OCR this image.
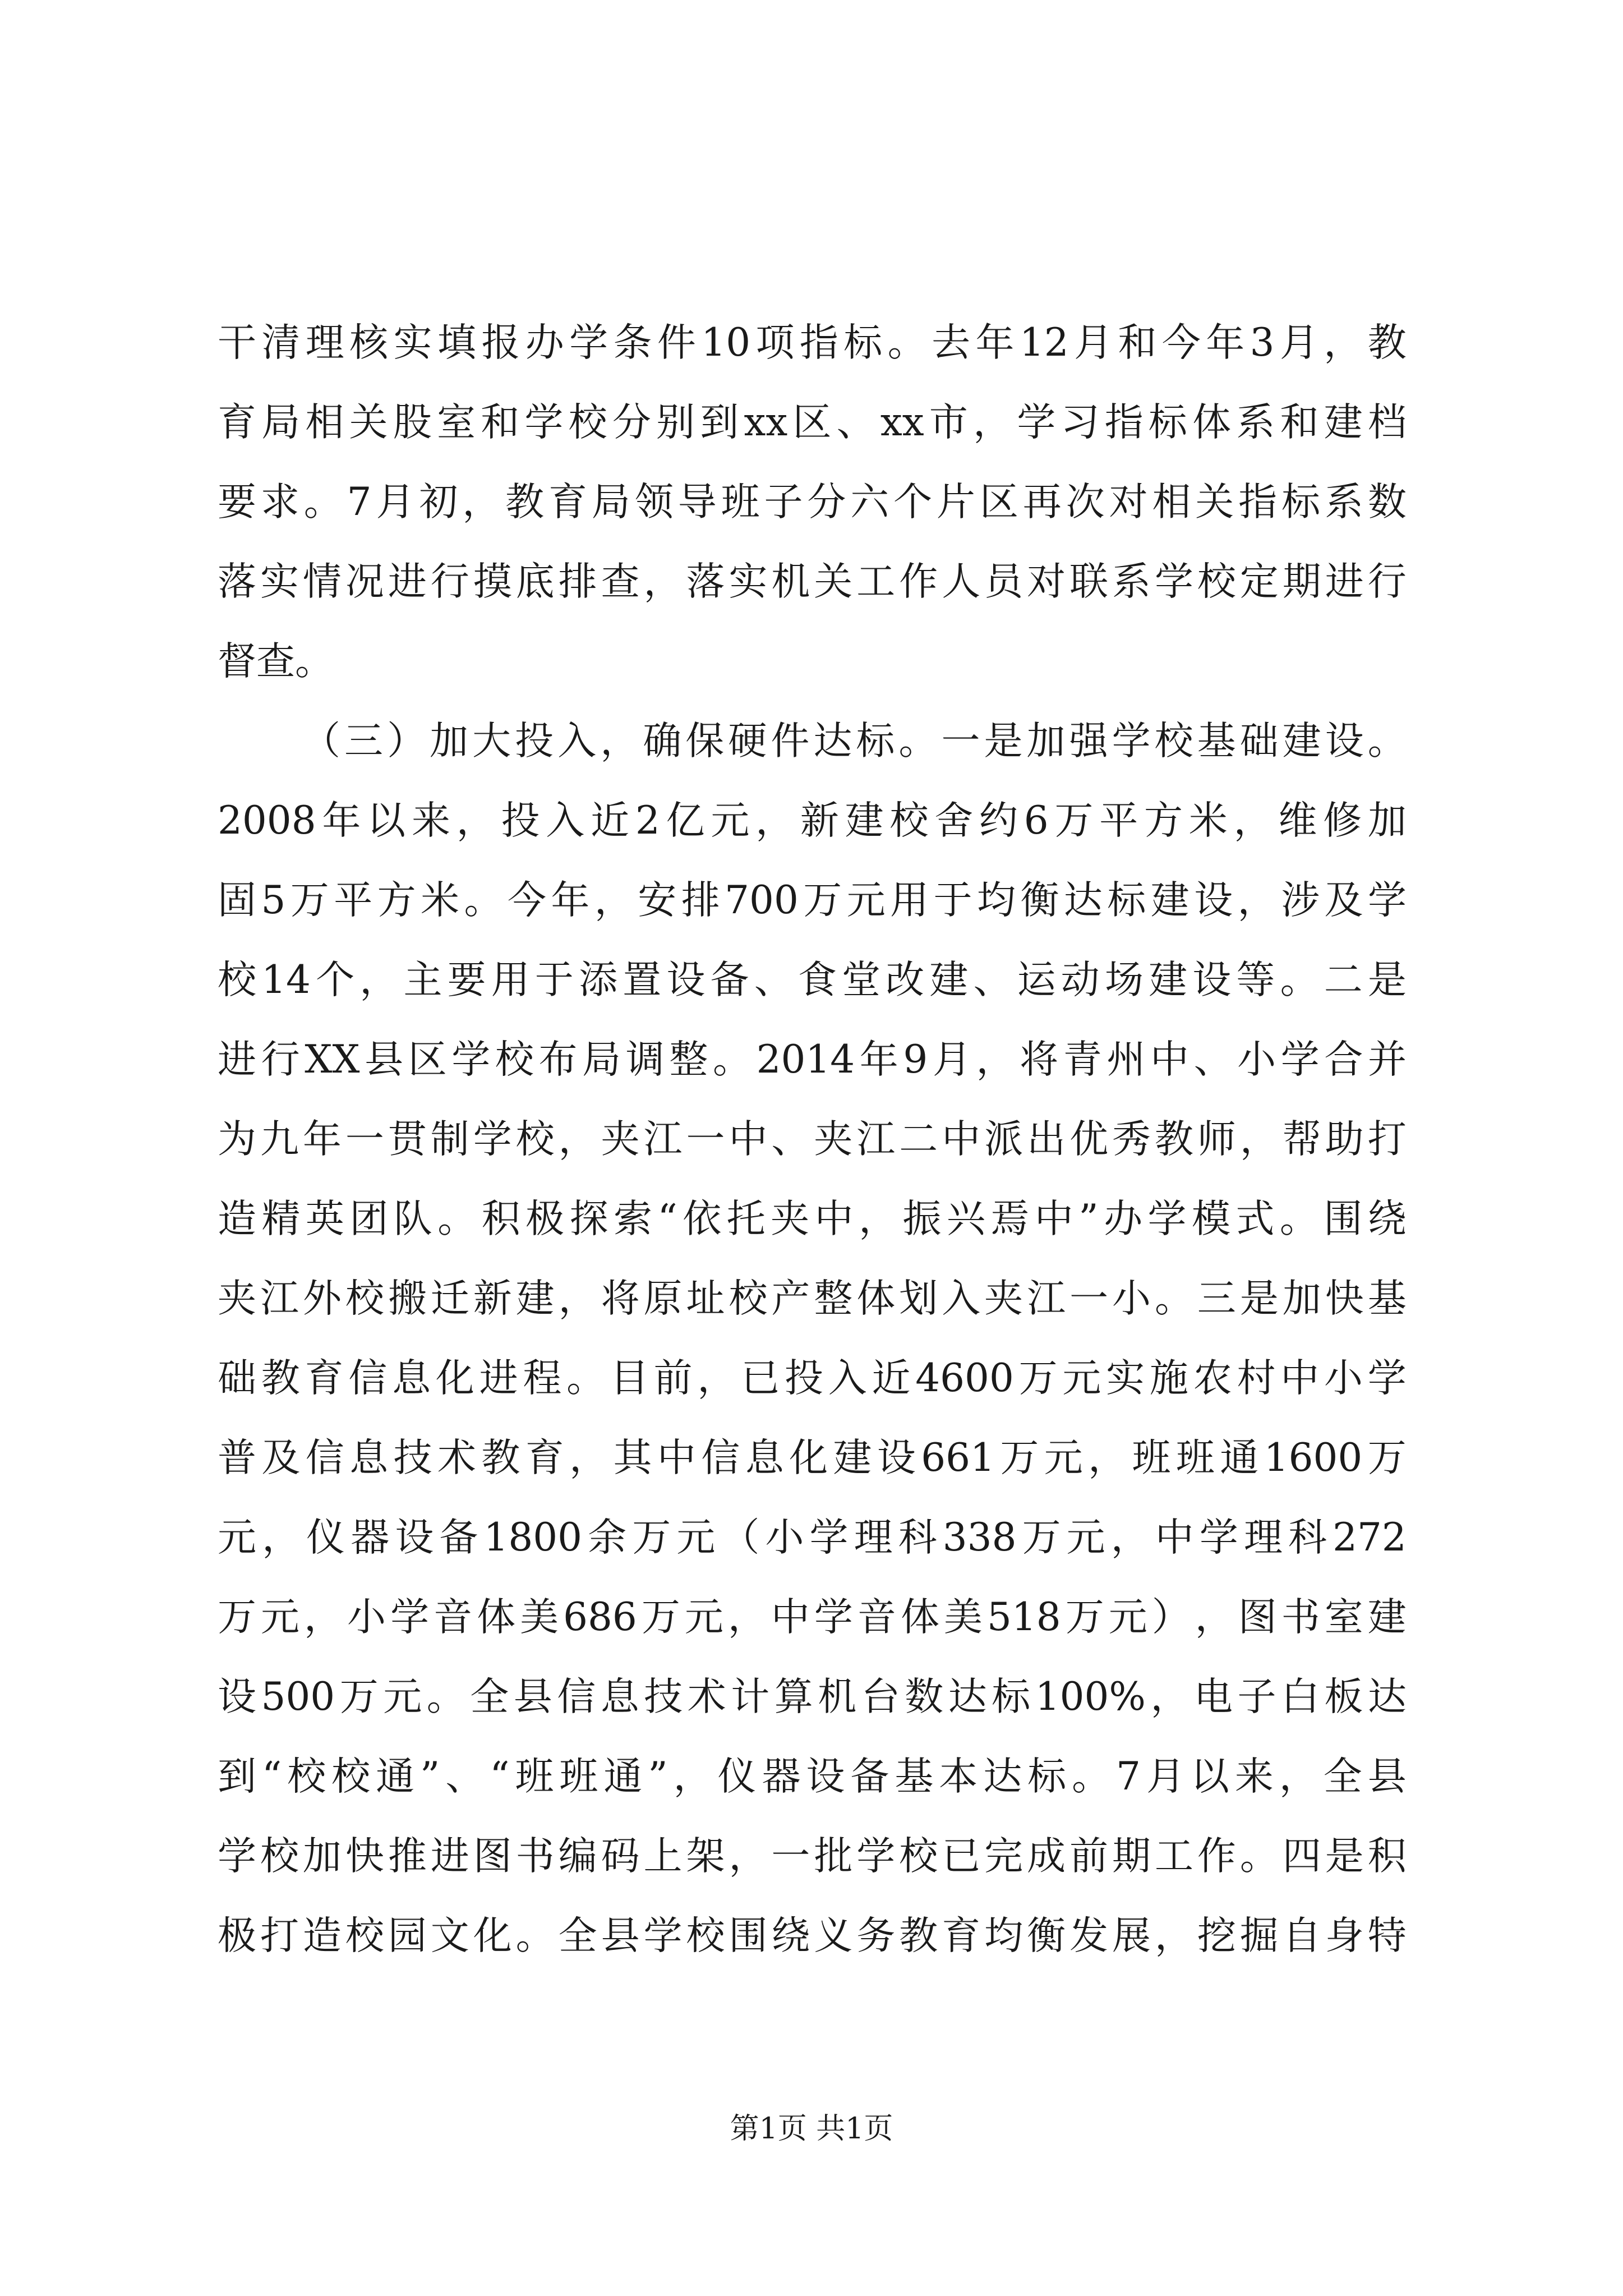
干 清 理 核 实 填 报 办 学 条 件 10 项 指 标 。 去 年 12 月 和 今 年 3 月 ， 教
育 局 相 关 股 室 和 学 校 分 别 到 xx 区 、 xx 市 ， 学 习 指 标 体 系 和 建 档
要 求 。 7 月 初 ， 教 育 局 领 导 班 子 分 六 个 片 区 再 次 对 相 关 指 标 系 数
落 实 情 况 进 行 摸 底 排 查 ， 落 实 机 关 工 作 人 员 对 联 系 学 校 定 期 进 行
督查。
（ 三 ） 加 大 投 入 ， 确 保 硬 件 达 标 。 一 是 加 强 学 校 基 础 建 设 。
2008 年 以 来 ， 投 入 近 2 亿 元 ， 新 建 校 舍 约 6 万 平 方 米 ， 维 修 加
固 5 万 平 方 米 。 今 年 ， 安 排 700 万 元 用 于 均 衡 达 标 建 设 ， 涉 及 学
校 14 个 ， 主 要 用 于 添 置 设 备 、 食 堂 改 建 、 运 动 场 建 设 等 。 二 是
进 行 XX 县 区 学 校 布 局 调 整 。 2014 年 9 月 ， 将 青 州 中 、 小 学 合 并
为 九 年 一 贯 制 学 校 ， 夹 江 一 中 、 夹 江 二 中 派 出 优 秀 教 师 ， 帮 助 打
造 精 英 团 队 。 积 极 探 索 “ 依 托 夹 中 ， 振 兴 焉 中 ” 办 学 模 式 。 围 绕
夹 江 外 校 搬 迁 新 建 ， 将 原 址 校 产 整 体 划 入 夹 江 一 小 。 三 是 加 快 基
础 教 育 信 息 化 进 程 。 目 前 ， 已 投 入 近 4600 万 元 实 施 农 村 中 小 学
普 及 信 息 技 术 教 育 ， 其 中 信 息 化 建 设 661 万 元 ， 班 班 通 1600 万
元 ， 仪 器 设 备 1800 余 万 元 （ 小 学 理 科 338 万 元 ， 中 学 理 科 272
万 元 ， 小 学 音 体 美 686 万 元 ， 中 学 音 体 美 518 万 元 ） ， 图 书 室 建
设 500 万 元 。 全 县 信 息 技 术 计 算 机 台 数 达 标 100% ， 电 子 白 板 达
到 “ 校 校 通 ” 、 “ 班 班 通 ” ， 仪 器 设 备 基 本 达 标 。 7 月 以 来 ， 全 县
学 校 加 快 推 进 图 书 编 码 上 架 ， 一 批 学 校 已 完 成 前 期 工 作 。 四 是 积
极 打 造 校 园 文 化 。 全 县 学 校 围 绕 义 务 教 育 均 衡 发 展 ， 挖 掘 自 身 特
第1页 共1页
